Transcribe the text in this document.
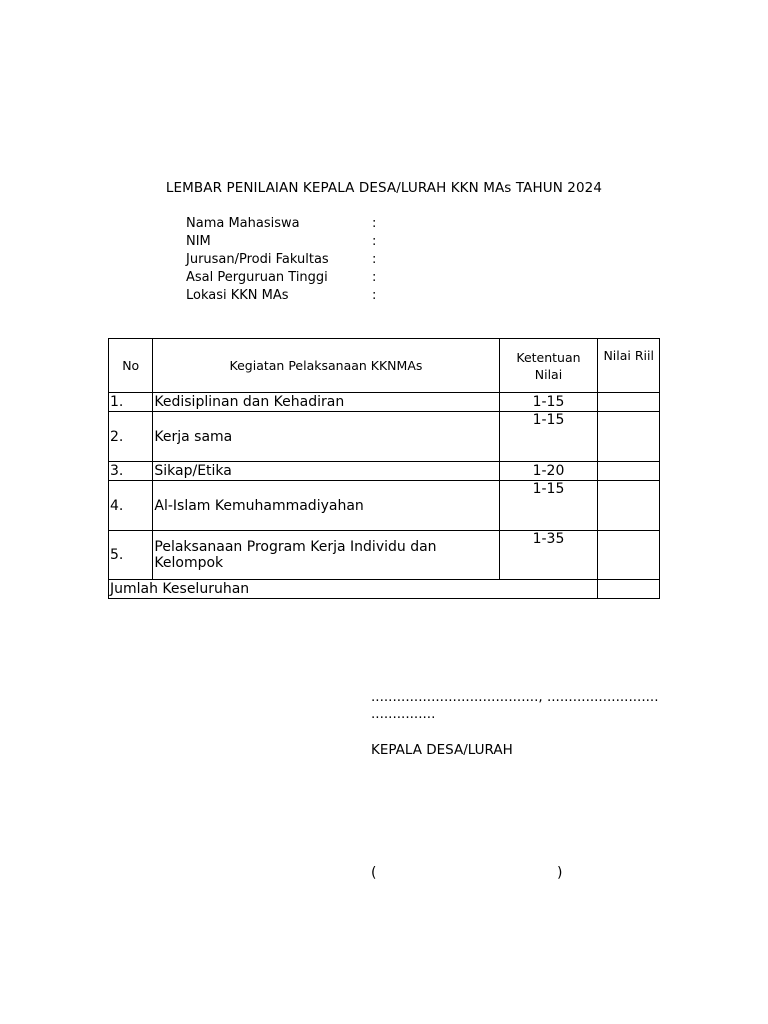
LEMBAR PENILAIAN KEPALA DESA/LURAH KKN MAs TAHUN 2024
Nama Mahasiswa	:
NIM	:
Jurusan/Prodi Fakultas	:
Asal Perguruan Tinggi	:
Lokasi KKN MAs	:
No	Kegiatan Pelaksanaan KKNMAs	Ketentuan Nilai	Nilai Riil
1.	Kedisiplinan dan Kehadiran	1-15	
2.	Kerja sama	1-15	
3.	Sikap/Etika	1-20	
4.	Al-Islam Kemuhammadiyahan	1-15	
5.	Pelaksanaan Program Kerja Individu dan Kelompok	1-35	
Jumlah Keseluruhan			
......................................., ..........................
...............
KEPALA DESA/LURAH
(	)
